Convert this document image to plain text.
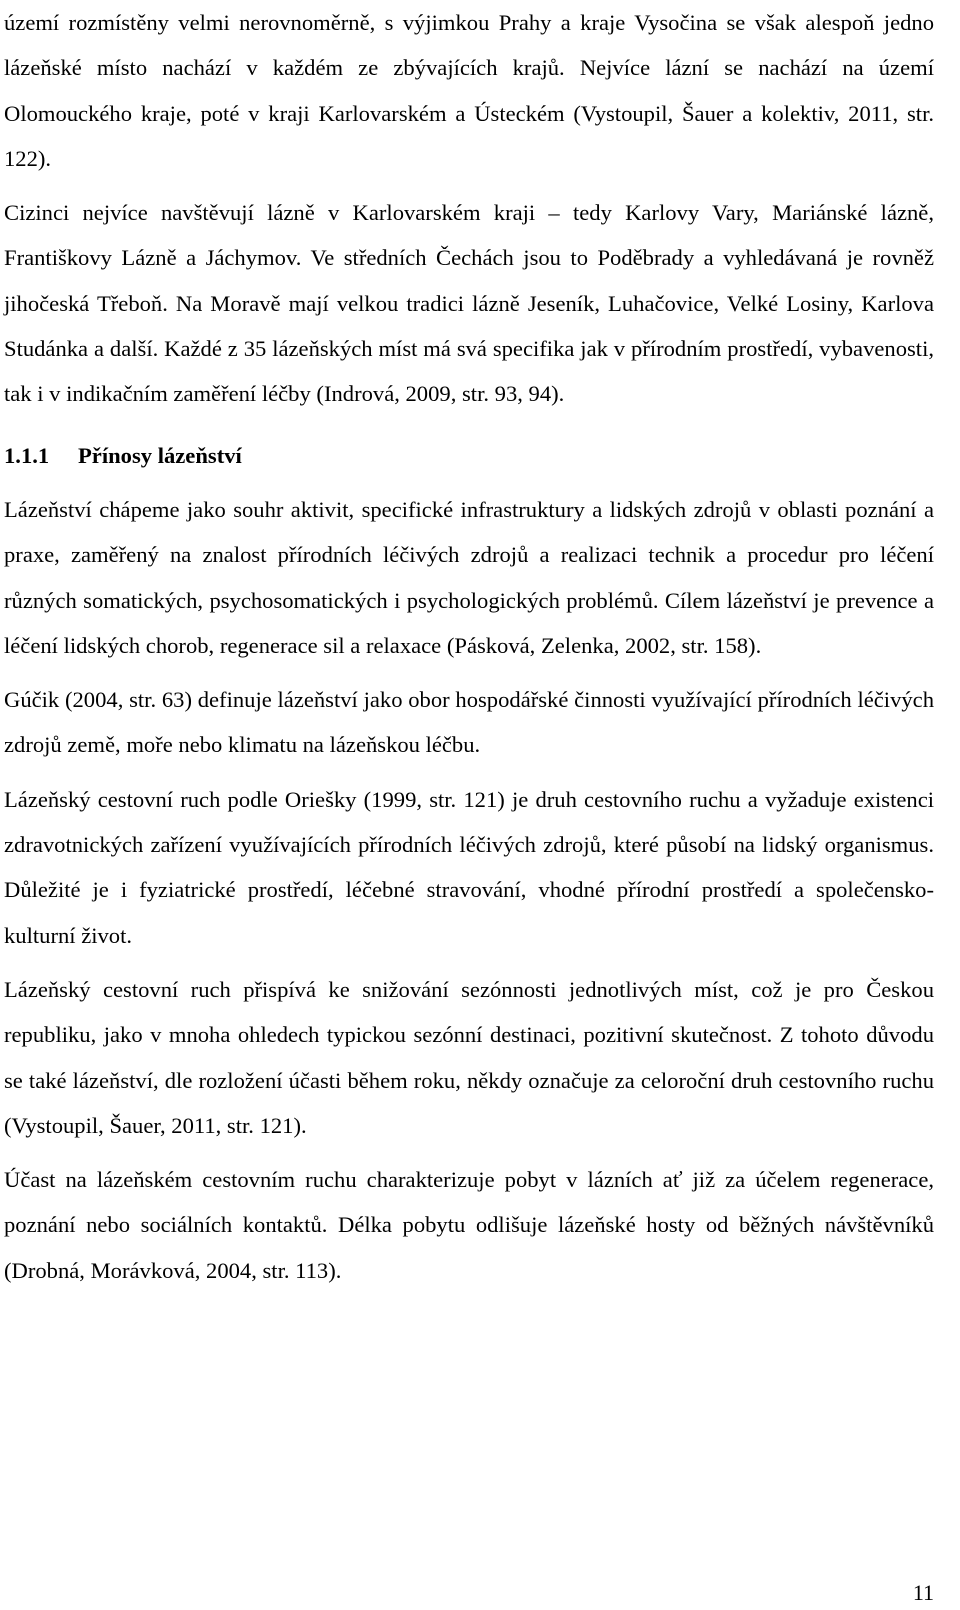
území rozmístěny velmi nerovnoměrně, s výjimkou Prahy a kraje Vysočina se však alespoň jedno lázeňské místo nachází v každém ze zbývajících krajů. Nejvíce lázní se nachází na území Olomouckého kraje, poté v kraji Karlovarském a Ústeckém (Vystoupil, Šauer a kolektiv, 2011, str. 122).

Cizinci nejvíce navštěvují lázně v Karlovarském kraji – tedy Karlovy Vary, Mariánské lázně, Františkovy Lázně a Jáchymov. Ve středních Čechách jsou to Poděbrady a vyhledávaná je rovněž jihočeská Třeboň. Na Moravě mají velkou tradici lázně Jeseník, Luhačovice, Velké Losiny, Karlova Studánka a další. Každé z 35 lázeňských míst má svá specifika jak v přírodním prostředí, vybavenosti, tak i v indikačním zaměření léčby (Indrová, 2009, str. 93, 94).

1.1.1 Přínosy lázeňství

Lázeňství chápeme jako souhr aktivit, specifické infrastruktury a lidských zdrojů v oblasti poznání a praxe, zaměřený na znalost přírodních léčivých zdrojů a realizaci technik a procedur pro léčení různých somatických, psychosomatických i psychologických problémů. Cílem lázeňství je prevence a léčení lidských chorob, regenerace sil a relaxace (Pásková, Zelenka, 2002, str. 158).

Gúčik (2004, str. 63) definuje lázeňství jako obor hospodářské činnosti využívající přírodních léčivých zdrojů země, moře nebo klimatu na lázeňskou léčbu.

Lázeňský cestovní ruch podle Oriešky (1999, str. 121) je druh cestovního ruchu a vyžaduje existenci zdravotnických zařízení využívajících přírodních léčivých zdrojů, které působí na lidský organismus. Důležité je i fyziatrické prostředí, léčebné stravování, vhodné přírodní prostředí a společensko-kulturní život.

Lázeňský cestovní ruch přispívá ke snižování sezónnosti jednotlivých míst, což je pro Českou republiku, jako v mnoha ohledech typickou sezónní destinaci, pozitivní skutečnost. Z tohoto důvodu se také lázeňství, dle rozložení účasti během roku, někdy označuje za celoroční druh cestovního ruchu (Vystoupil, Šauer, 2011, str. 121).

Účast na lázeňském cestovním ruchu charakterizuje pobyt v lázních ať již za účelem regenerace, poznání nebo sociálních kontaktů. Délka pobytu odlišuje lázeňské hosty od běžných návštěvníků (Drobná, Morávková, 2004, str. 113).

11
